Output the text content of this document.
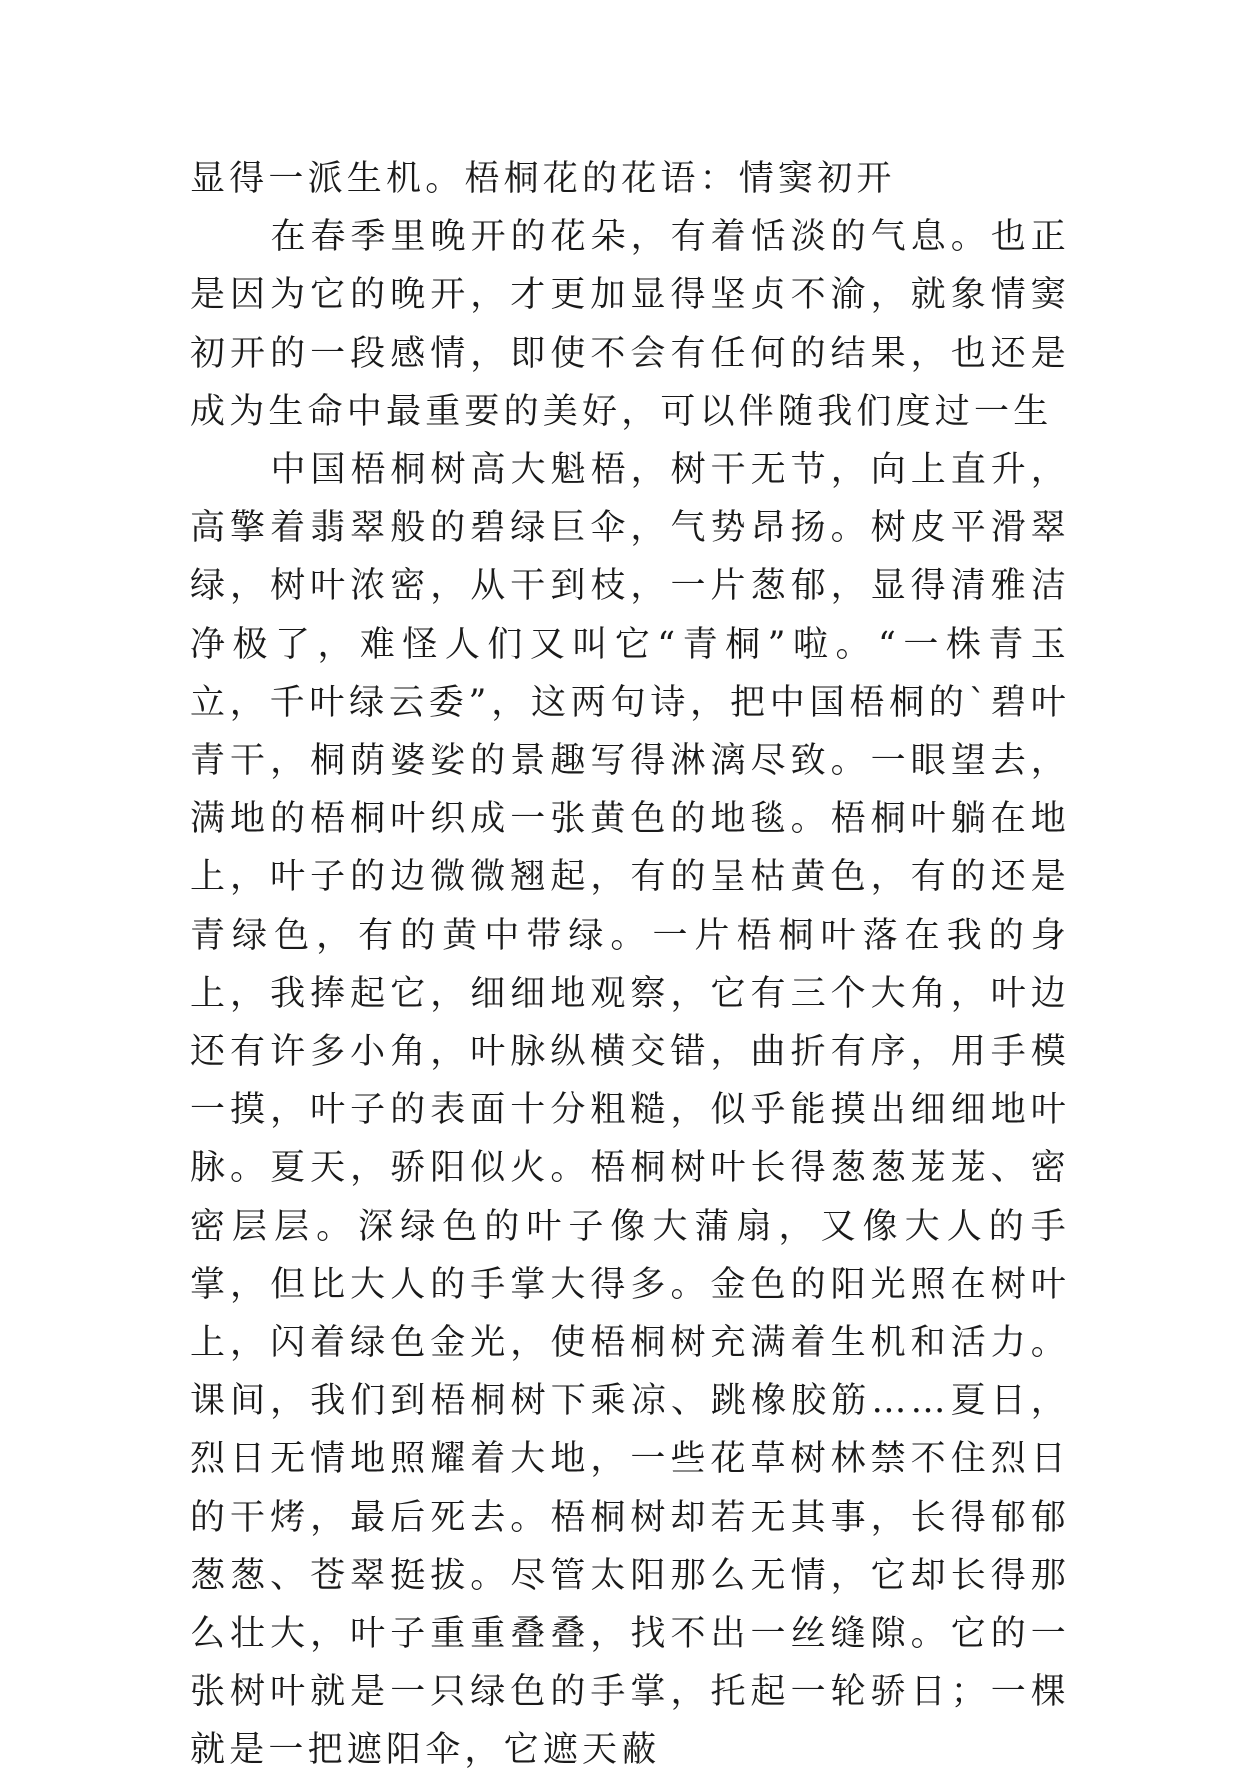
显得一派生机。梧桐花的花语：情窦初开

在春季里晚开的花朵，有着恬淡的气息。也正是因为它的晚开，才更加显得坚贞不渝，就象情窦初开的一段感情，即使不会有任何的结果，也还是成为生命中最重要的美好，可以伴随我们度过一生

中国梧桐树高大魁梧，树干无节，向上直升，高擎着翡翠般的碧绿巨伞，气势昂扬。树皮平滑翠绿，树叶浓密，从干到枝，一片葱郁，显得清雅洁净极了，难怪人们又叫它“青桐”啦。“一株青玉立，千叶绿云委”，这两句诗，把中国梧桐的`碧叶青干，桐荫婆娑的景趣写得淋漓尽致。一眼望去，满地的梧桐叶织成一张黄色的地毯。梧桐叶躺在地上，叶子的边微微翘起，有的呈枯黄色，有的还是青绿色，有的黄中带绿。一片梧桐叶落在我的身上，我捧起它，细细地观察，它有三个大角，叶边还有许多小角，叶脉纵横交错，曲折有序，用手模一摸，叶子的表面十分粗糙，似乎能摸出细细地叶脉。夏天，骄阳似火。梧桐树叶长得葱葱茏茏、密密层层。深绿色的叶子像大蒲扇，又像大人的手掌，但比大人的手掌大得多。金色的阳光照在树叶上，闪着绿色金光，使梧桐树充满着生机和活力。课间，我们到梧桐树下乘凉、跳橡胶筋……夏日，烈日无情地照耀着大地，一些花草树林禁不住烈日的干烤，最后死去。梧桐树却若无其事，长得郁郁葱葱、苍翠挺拔。尽管太阳那么无情，它却长得那么壮大，叶子重重叠叠，找不出一丝缝隙。它的一张树叶就是一只绿色的手掌，托起一轮骄日；一棵就是一把遮阳伞，它遮天蔽
